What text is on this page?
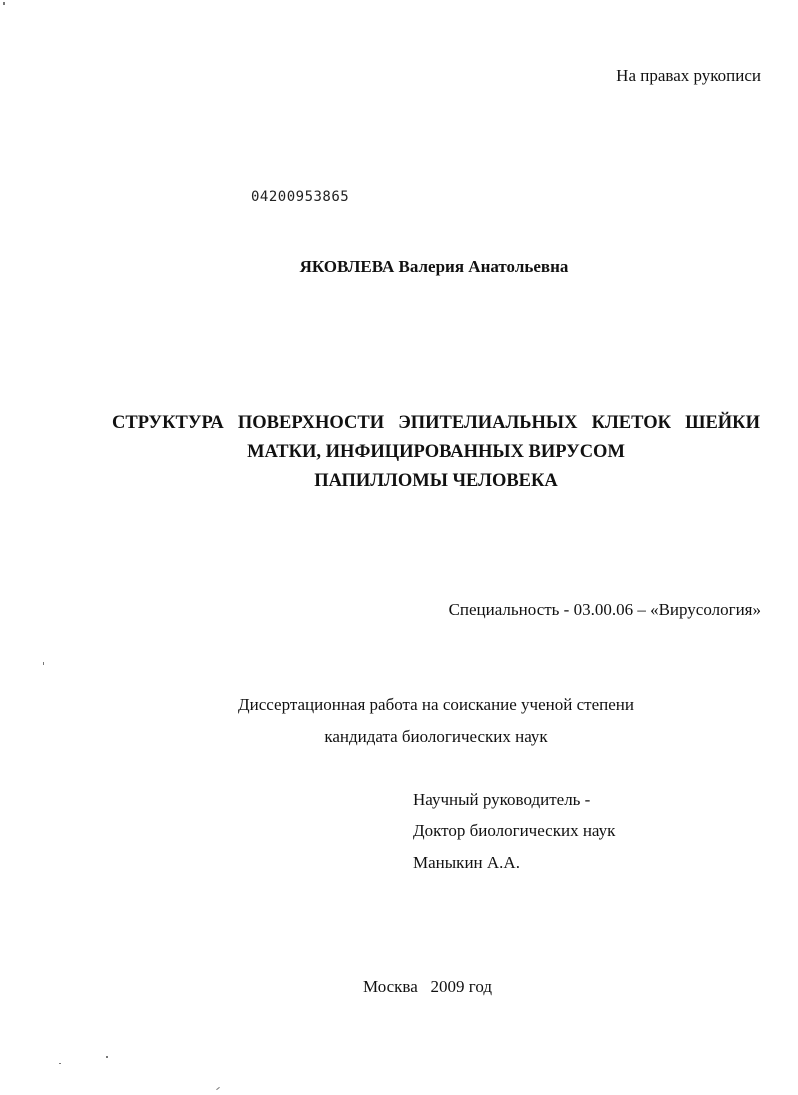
На правах рукописи
04200953865
ЯКОВЛЕВА Валерия Анатольевна
СТРУКТУРА ПОВЕРХНОСТИ ЭПИТЕЛИАЛЬНЫХ КЛЕТОК ШЕЙКИ
МАТКИ, ИНФИЦИРОВАННЫХ ВИРУСОМ
ПАПИЛЛОМЫ ЧЕЛОВЕКА
Специальность - 03.00.06 – «Вирусология»
Диссертационная работа на соискание ученой степени
кандидата биологических наук
Научный руководитель -
Доктор биологических наук
Маныкин А.А.
Москва   2009 год
